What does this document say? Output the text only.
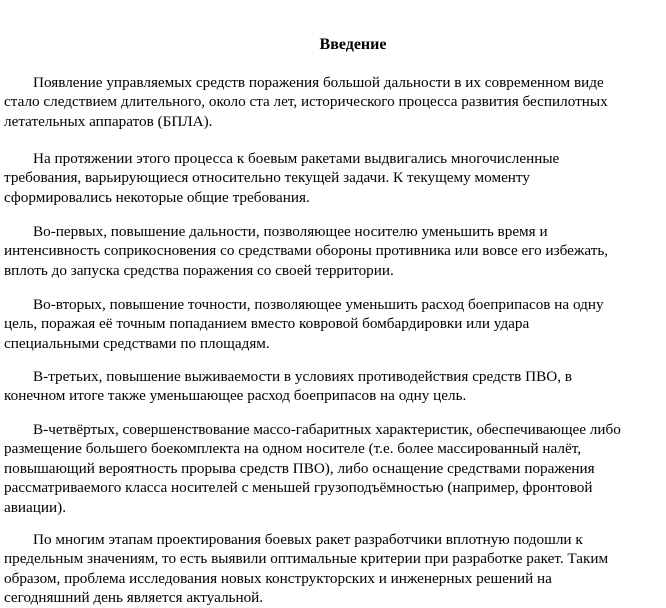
Введение

Появление управляемых средств поражения большой дальности в их современном виде
стало следствием длительного, около ста лет, исторического процесса развития беспилотных
летательных аппаратов (БПЛА).

На протяжении этого процесса к боевым ракетами выдвигались многочисленные
требования, варьирующиеся относительно текущей задачи. К текущему моменту
сформировались некоторые общие требования.

Во-первых, повышение дальности, позволяющее носителю уменьшить время и
интенсивность соприкосновения со средствами обороны противника или вовсе его избежать,
вплоть до запуска средства поражения со своей территории.

Во-вторых, повышение точности, позволяющее уменьшить расход боеприпасов на одну
цель, поражая её точным попаданием вместо ковровой бомбардировки или удара
специальными средствами по площадям.

В-третьих, повышение выживаемости в условиях противодействия средств ПВО, в
конечном итоге также уменьшающее расход боеприпасов на одну цель.

В-четвёртых, совершенствование массо-габаритных характеристик, обеспечивающее либо
размещение большего боекомплекта на одном носителе (т.е. более массированный налёт,
повышающий вероятность прорыва средств ПВО), либо оснащение средствами поражения
рассматриваемого класса носителей с меньшей грузоподъёмностью (например, фронтовой
авиации).

По многим этапам проектирования боевых ракет разработчики вплотную подошли к
предельным значениям, то есть выявили оптимальные критерии при разработке ракет. Таким
образом, проблема исследования новых конструкторских и инженерных решений на
сегодняшний день является актуальной.
